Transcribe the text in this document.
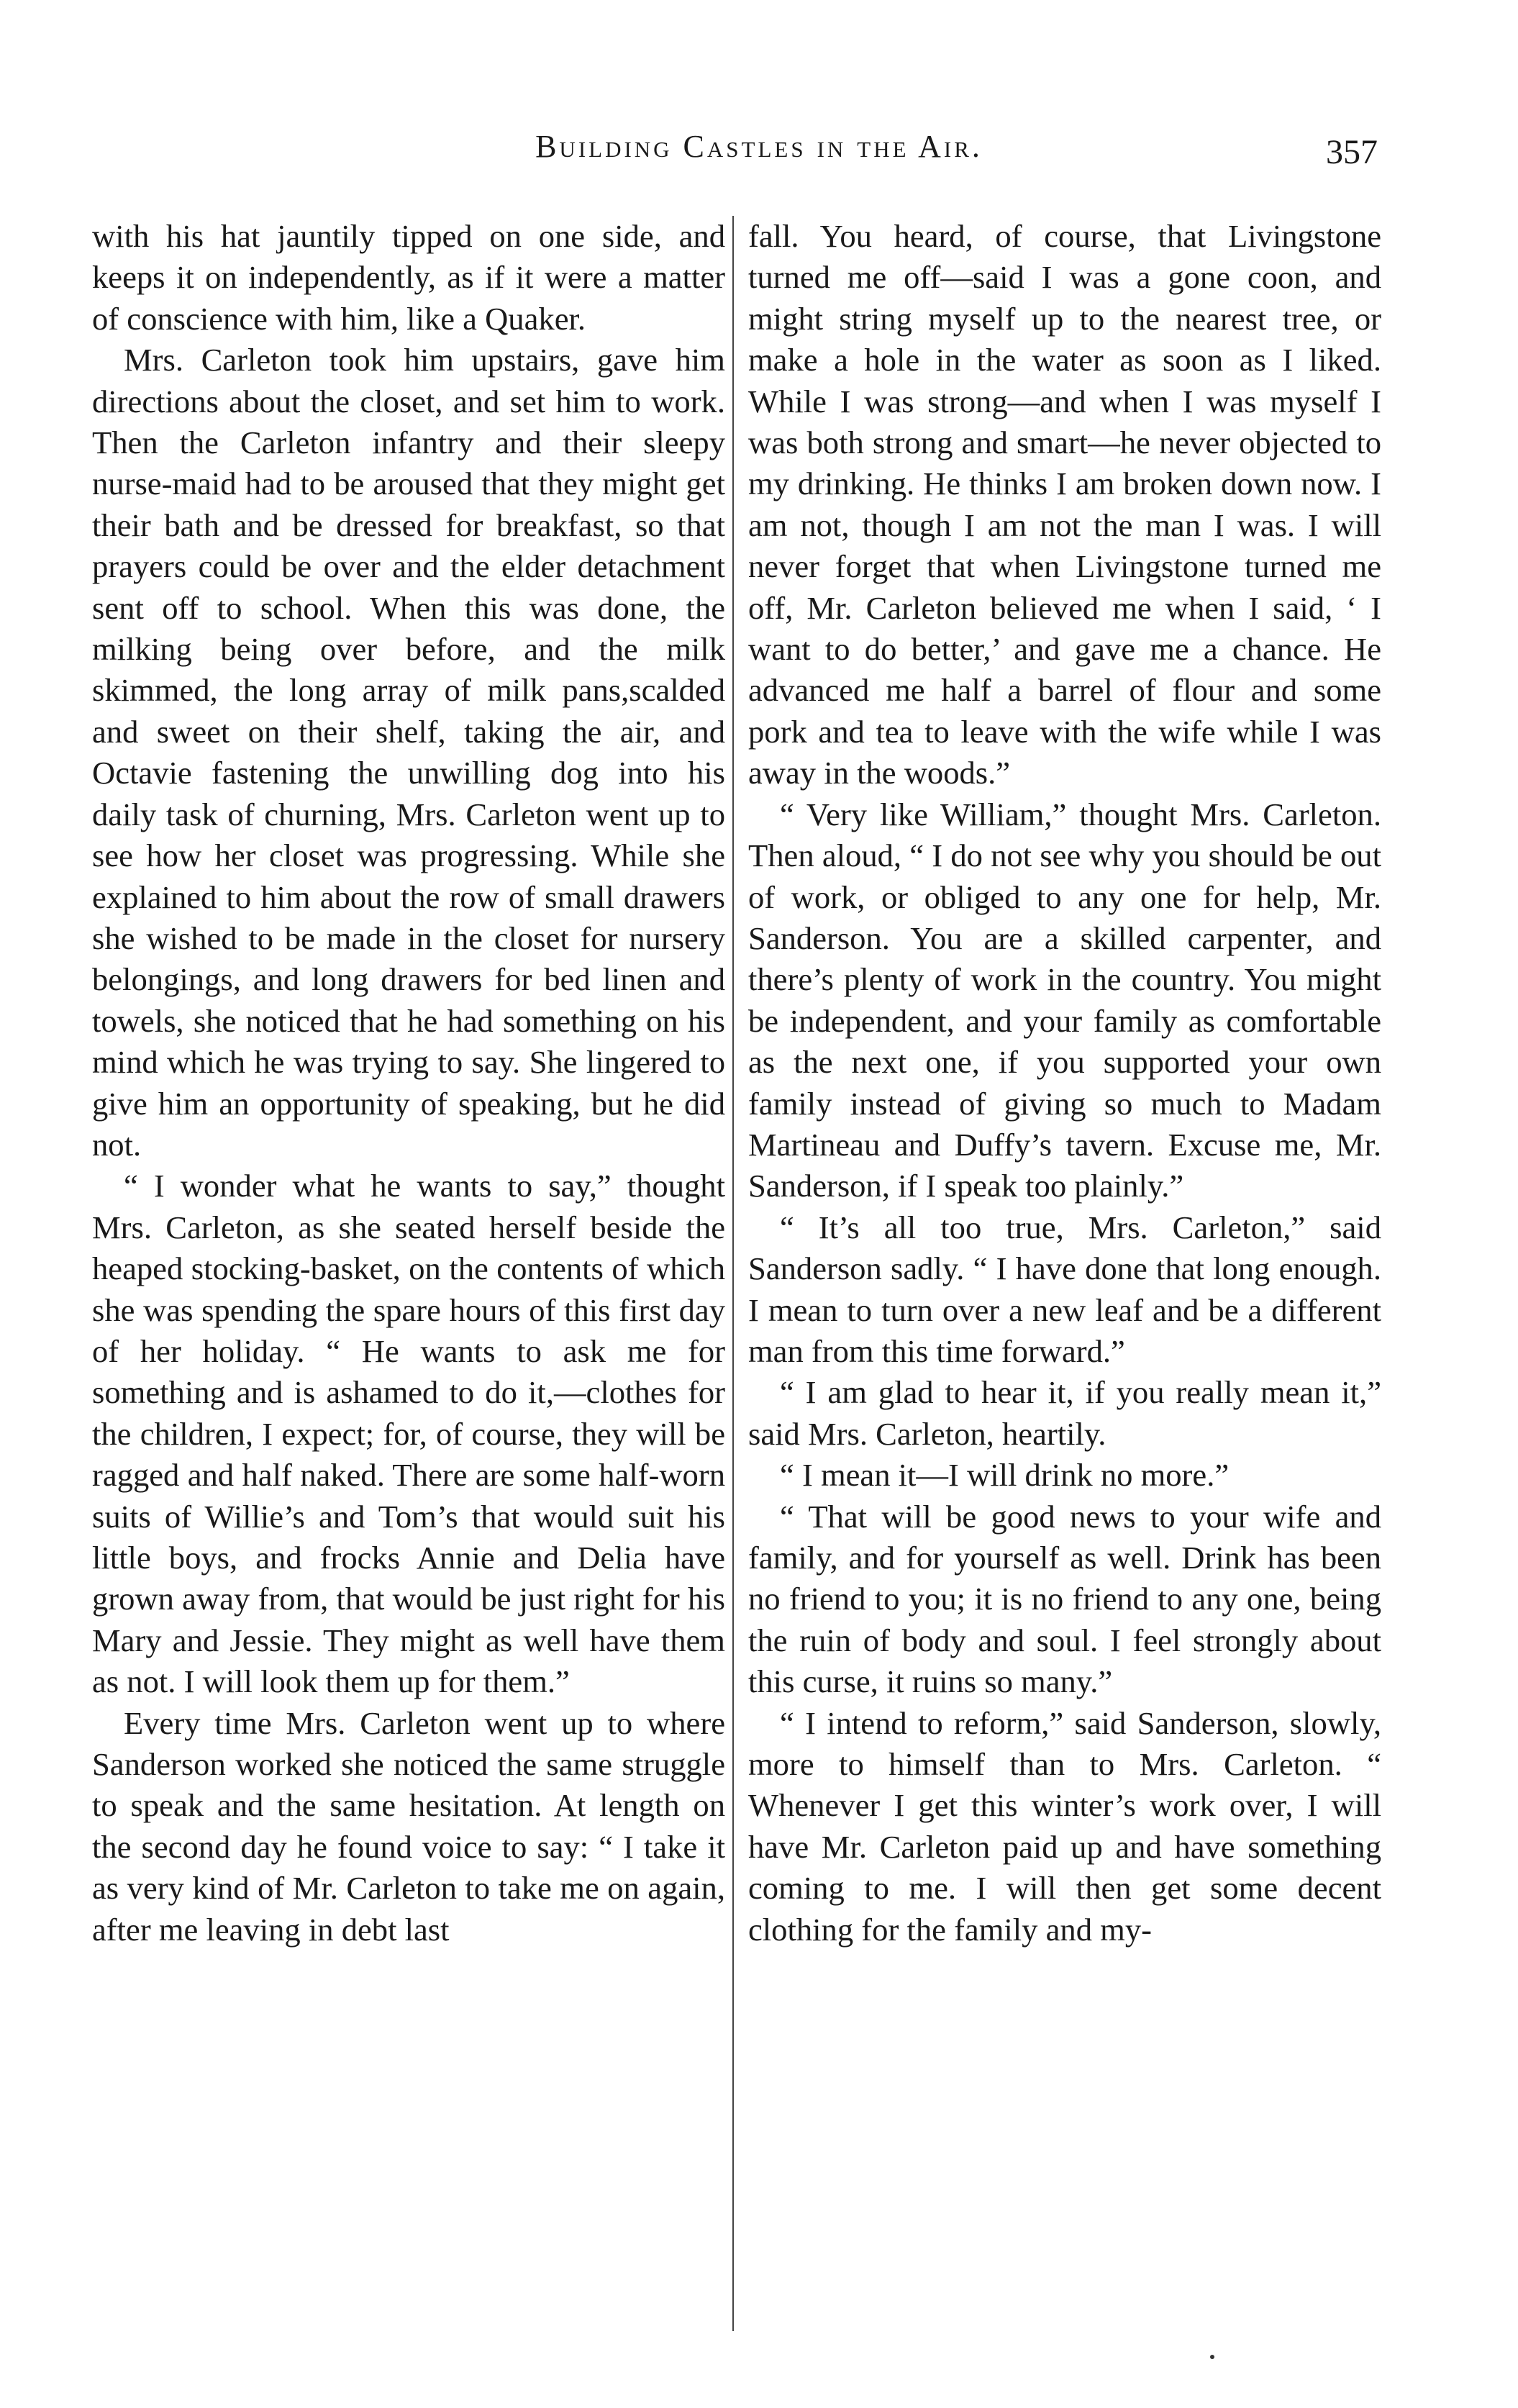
Building Castles in the Air.	357

with his hat jauntily tipped on one side, and keeps it on independently, as if it were a matter of conscience with him, like a Quaker.

Mrs. Carleton took him upstairs, gave him directions about the closet, and set him to work. Then the Carleton infantry and their sleepy nurse-maid had to be aroused that they might get their bath and be dressed for breakfast, so that prayers could be over and the elder detachment sent off to school. When this was done, the milking being over before, and the milk skimmed, the long array of milk pans,scalded and sweet on their shelf, taking the air, and Octavie fastening the unwilling dog into his daily task of churning, Mrs. Carleton went up to see how her closet was progressing. While she explained to him about the row of small drawers she wished to be made in the closet for nursery belongings, and long drawers for bed linen and towels, she noticed that he had something on his mind which he was trying to say. She lingered to give him an opportunity of speaking, but he did not.

“ I wonder what he wants to say,” thought Mrs. Carleton, as she seated herself beside the heaped stocking-basket, on the contents of which she was spending the spare hours of this first day of her holiday. “ He wants to ask me for something and is ashamed to do it,—clothes for the children, I expect; for, of course, they will be ragged and half naked. There are some half-worn suits of Willie’s and Tom’s that would suit his little boys, and frocks Annie and Delia have grown away from, that would be just right for his Mary and Jessie. They might as well have them as not. I will look them up for them.”

Every time Mrs. Carleton went up to where Sanderson worked she noticed the same struggle to speak and the same hesitation. At length on the second day he found voice to say: “ I take it as very kind of Mr. Carleton to take me on again, after me leaving in debt last

fall. You heard, of course, that Livingstone turned me off—said I was a gone coon, and might string myself up to the nearest tree, or make a hole in the water as soon as I liked. While I was strong—and when I was myself I was both strong and smart—he never objected to my drinking. He thinks I am broken down now. I am not, though I am not the man I was. I will never forget that when Livingstone turned me off, Mr. Carleton believed me when I said, ‘ I want to do better,’ and gave me a chance. He advanced me half a barrel of flour and some pork and tea to leave with the wife while I was away in the woods.”

“ Very like William,” thought Mrs. Carleton. Then aloud, “ I do not see why you should be out of work, or obliged to any one for help, Mr. Sanderson. You are a skilled carpenter, and there’s plenty of work in the country. You might be independent, and your family as comfortable as the next one, if you supported your own family instead of giving so much to Madam Martineau and Duffy’s tavern. Excuse me, Mr. Sanderson, if I speak too plainly.”

“ It’s all too true, Mrs. Carleton,” said Sanderson sadly. “ I have done that long enough. I mean to turn over a new leaf and be a different man from this time forward.”

“ I am glad to hear it, if you really mean it,” said Mrs. Carleton, heartily.

“ I mean it—I will drink no more.”

“ That will be good news to your wife and family, and for yourself as well. Drink has been no friend to you; it is no friend to any one, being the ruin of body and soul. I feel strongly about this curse, it ruins so many.”

“ I intend to reform,” said Sanderson, slowly, more to himself than to Mrs. Carleton. “ Whenever I get this winter’s work over, I will have Mr. Carleton paid up and have something coming to me. I will then get some decent clothing for the family and my-
